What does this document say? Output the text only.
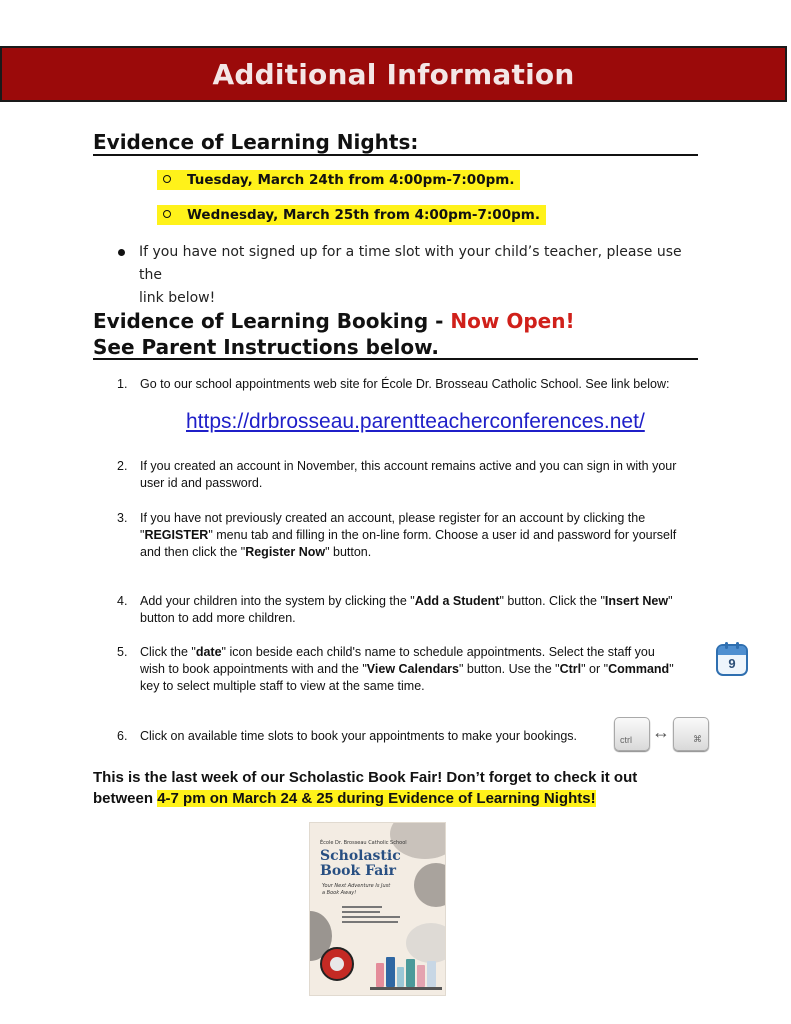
Additional Information
Evidence of Learning Nights:
Tuesday, March 24th from 4:00pm-7:00pm.
Wednesday, March 25th from 4:00pm-7:00pm.
If you have not signed up for a time slot with your child’s teacher, please use the
link below!
Evidence of Learning Booking - Now Open!
See Parent Instructions below.
1. Go to our school appointments web site for École Dr. Brosseau Catholic School. See link below:
https://drbrosseau.parentteacherconferences.net/
2. If you created an account in November, this account remains active and you can sign in with your
user id and password.
3. If you have not previously created an account, please register for an account by clicking the
"REGISTER" menu tab and filling in the on-line form. Choose a user id and password for yourself
and then click the "Register Now" button.
4. Add your children into the system by clicking the "Add a Student" button. Click the "Insert New"
button to add more children.
5. Click the "date" icon beside each child's name to schedule appointments. Select the staff you
wish to book appointments with and the "View Calendars" button. Use the "Ctrl" or "Command"
key to select multiple staff to view at the same time.
9
6. Click on available time slots to book your appointments to make your bookings.	ctrl ↔	⌘
This is the last week of our Scholastic Book Fair! Don’t forget to check it out
between 4-7 pm on March 24 & 25 during Evidence of Learning Nights!
École Dr. Brosseau Catholic School
Scholastic
Book Fair
Your Next Adventure Is Just a Book Away!
